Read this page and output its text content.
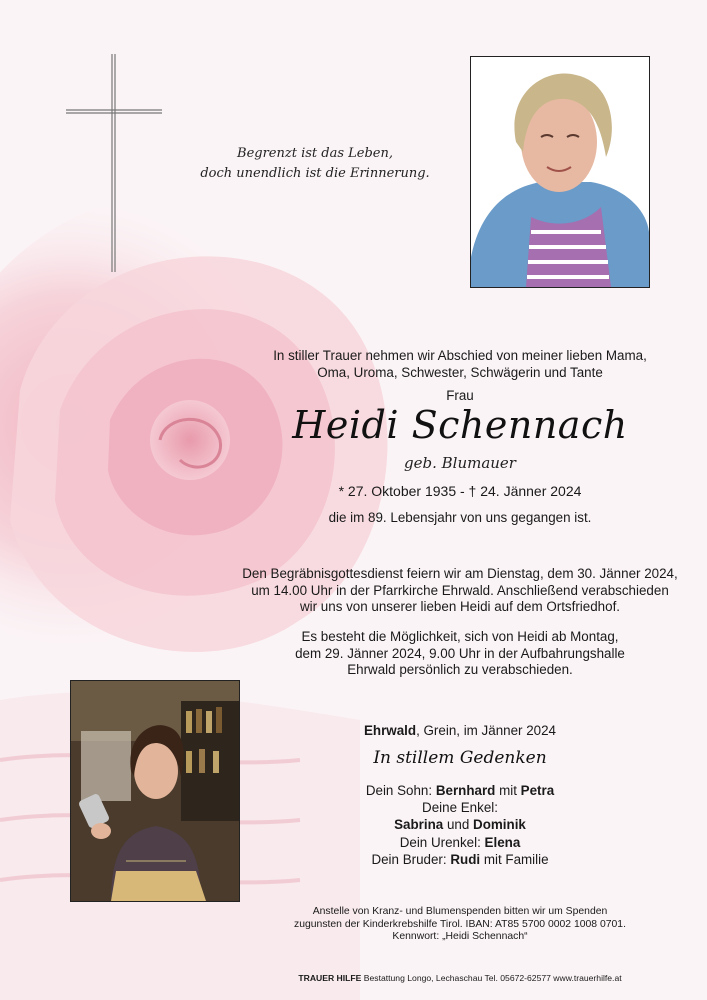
Begrenzt ist das Leben,
doch unendlich ist die Erinnerung.
In stiller Trauer nehmen wir Abschied von meiner lieben Mama,
Oma, Uroma, Schwester, Schwägerin und Tante
Frau
Heidi Schennach
geb. Blumauer
* 27. Oktober 1935 - † 24. Jänner 2024
die im 89. Lebensjahr von uns gegangen ist.
Den Begräbnisgottesdienst feiern wir am Dienstag, dem 30. Jänner 2024,
um 14.00 Uhr in der Pfarrkirche Ehrwald. Anschließend verabschieden
wir uns von unserer lieben Heidi auf dem Ortsfriedhof.
Es besteht die Möglichkeit, sich von Heidi ab Montag,
dem 29. Jänner 2024, 9.00 Uhr in der Aufbahrungshalle
Ehrwald persönlich zu verabschieden.
Ehrwald, Grein, im Jänner 2024
In stillem Gedenken
Dein Sohn: Bernhard mit Petra
Deine Enkel:
Sabrina und Dominik
Dein Urenkel: Elena
Dein Bruder: Rudi mit Familie
Anstelle von Kranz- und Blumenspenden bitten wir um Spenden
zugunsten der Kinderkrebshilfe Tirol. IBAN: AT85 5700 0002 1008 0701.
Kennwort: „Heidi Schennach“
TRAUER HILFE Bestattung Longo, Lechaschau Tel. 05672-62577 www.trauerhilfe.at
